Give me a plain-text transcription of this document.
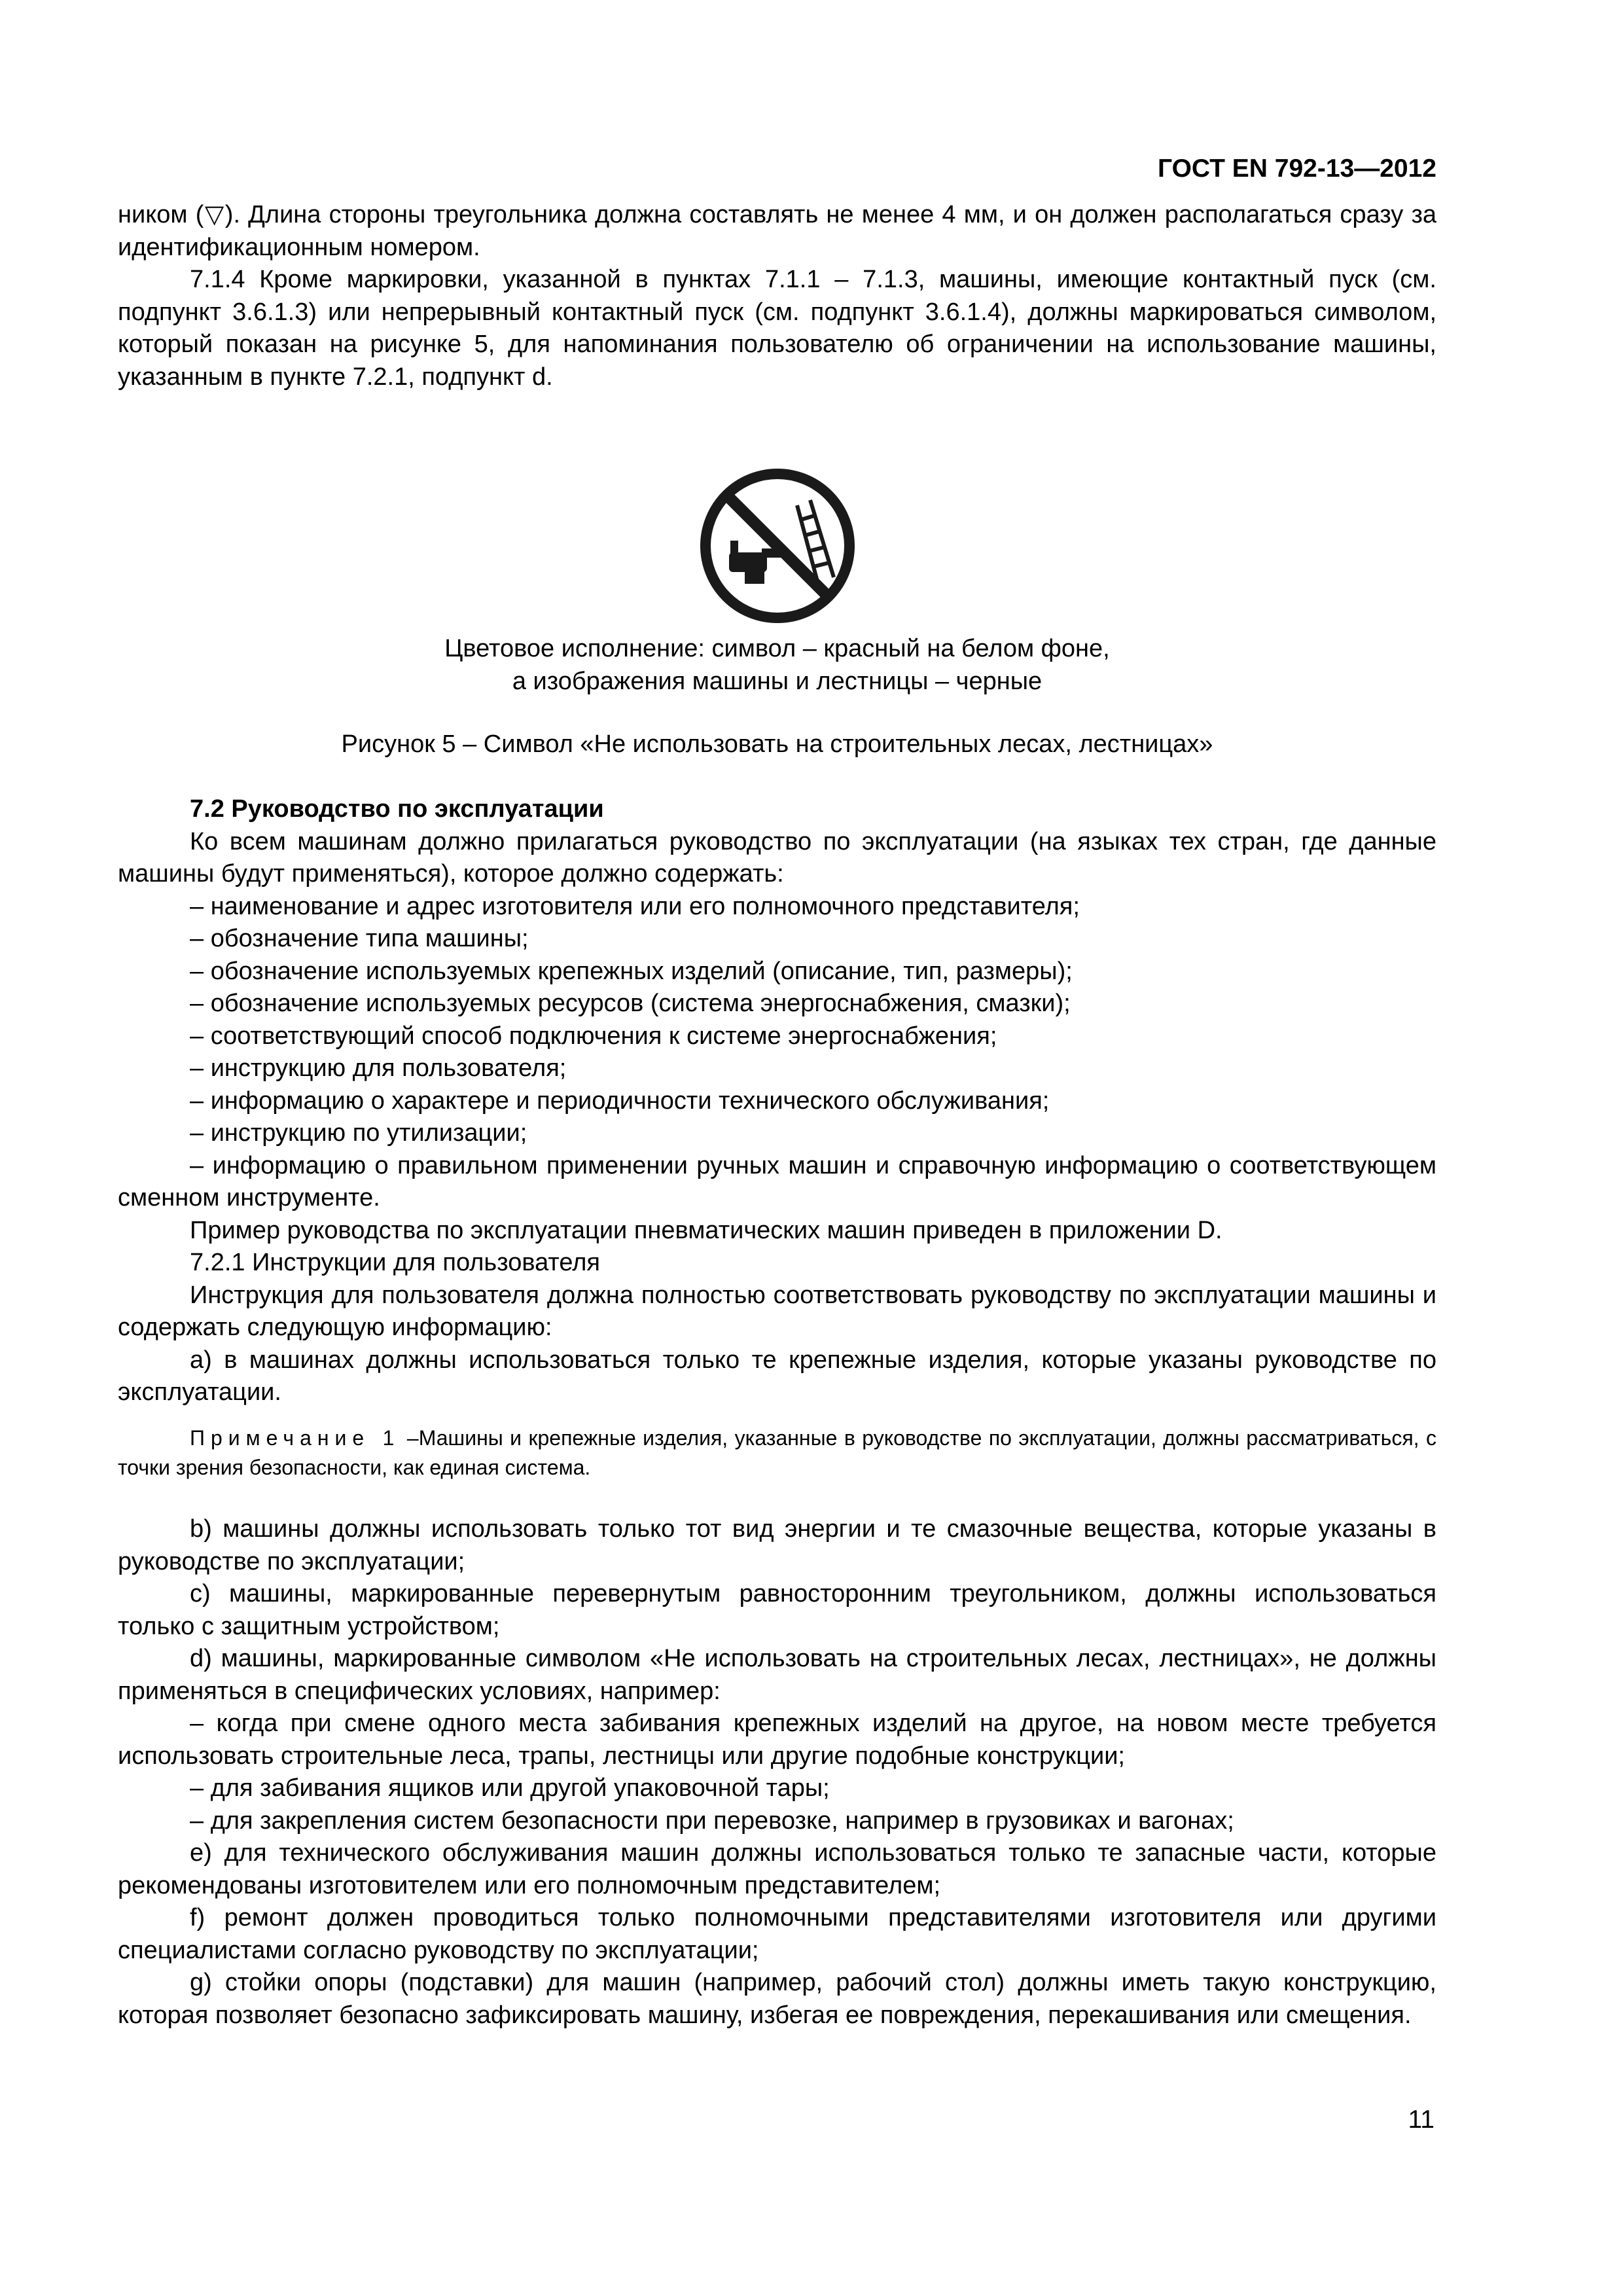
ГОСТ EN 792-13—2012

ником (▽). Длина стороны треугольника должна составлять не менее 4 мм, и он должен располагаться сразу за идентификационным номером.

7.1.4 Кроме маркировки, указанной в пунктах 7.1.1 – 7.1.3, машины, имеющие контактный пуск (см. подпункт 3.6.1.3) или непрерывный контактный пуск (см. подпункт 3.6.1.4), должны маркироваться символом, который показан на рисунке 5, для напоминания пользователю об ограничении на использование машины, указанным в пункте 7.2.1, подпункт d.

Цветовое исполнение: символ – красный на белом фоне,
а изображения машины и лестницы – черные
Рисунок 5 – Символ «Не использовать на строительных лесах, лестницах»

7.2 Руководство по эксплуатации

Ко всем машинам должно прилагаться руководство по эксплуатации (на языках тех стран, где данные машины будут применяться), которое должно содержать:

– наименование и адрес изготовителя или его полномочного представителя;

– обозначение типа машины;

– обозначение используемых крепежных изделий (описание, тип, размеры);

– обозначение используемых ресурсов (система энергоснабжения, смазки);

– соответствующий способ подключения к системе энергоснабжения;

– инструкцию для пользователя;

– информацию о характере и периодичности технического обслуживания;

– инструкцию по утилизации;

– информацию о правильном применении ручных машин и справочную информацию о соответствующем сменном инструменте.

Пример руководства по эксплуатации пневматических машин приведен в приложении D.

7.2.1 Инструкции для пользователя

Инструкция для пользователя должна полностью соответствовать руководству по эксплуатации машины и содержать следующую информацию:

а) в машинах должны использоваться только те крепежные изделия, которые указаны руководстве по эксплуатации.

Примечание 1 –Машины и крепежные изделия, указанные в руководстве по эксплуатации, должны рассматриваться, с точки зрения безопасности, как единая система.

b) машины должны использовать только тот вид энергии и те смазочные вещества, которые указаны в руководстве по эксплуатации;

c) машины, маркированные перевернутым равносторонним треугольником, должны использоваться только с защитным устройством;

d) машины, маркированные символом «Не использовать на строительных лесах, лестницах», не должны применяться в специфических условиях, например:

– когда при смене одного места забивания крепежных изделий на другое, на новом месте требуется использовать строительные леса, трапы, лестницы или другие подобные конструкции;

– для забивания ящиков или другой упаковочной тары;

– для закрепления систем безопасности при перевозке, например в грузовиках и вагонах;

е) для технического обслуживания машин должны использоваться только те запасные части, которые рекомендованы изготовителем или его полномочным представителем;

f) ремонт должен проводиться только полномочными представителями изготовителя или другими специалистами согласно руководству по эксплуатации;

g) стойки опоры (подставки) для машин (например, рабочий стол) должны иметь такую конструкцию, которая позволяет безопасно зафиксировать машину, избегая ее повреждения, перекашивания или смещения.

11
